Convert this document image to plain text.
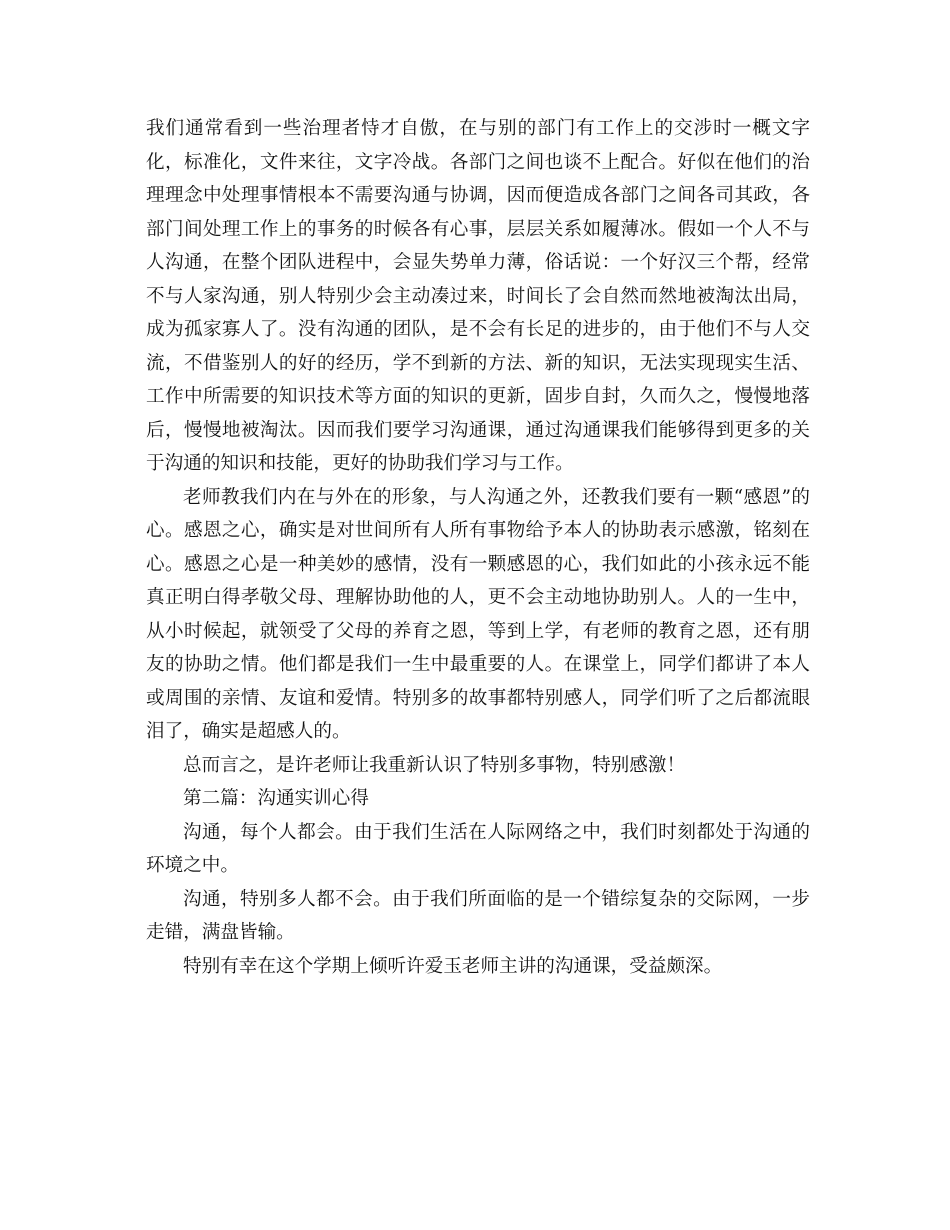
我们通常看到一些治理者恃才自傲，在与别的部门有工作上的交涉时一概文字化，标准化，文件来往，文字冷战。各部门之间也谈不上配合。好似在他们的治理理念中处理事情根本不需要沟通与协调，因而便造成各部门之间各司其政，各部门间处理工作上的事务的时候各有心事，层层关系如履薄冰。假如一个人不与人沟通，在整个团队进程中，会显失势单力薄，俗话说：一个好汉三个帮，经常不与人家沟通，别人特别少会主动凑过来，时间长了会自然而然地被淘汰出局，成为孤家寡人了。没有沟通的团队，是不会有长足的进步的，由于他们不与人交流，不借鉴别人的好的经历，学不到新的方法、新的知识，无法实现现实生活、工作中所需要的知识技术等方面的知识的更新，固步自封，久而久之，慢慢地落后，慢慢地被淘汰。因而我们要学习沟通课，通过沟通课我们能够得到更多的关于沟通的知识和技能，更好的协助我们学习与工作。

老师教我们内在与外在的形象，与人沟通之外，还教我们要有一颗“感恩”的心。感恩之心，确实是对世间所有人所有事物给予本人的协助表示感激，铭刻在心。感恩之心是一种美妙的感情，没有一颗感恩的心，我们如此的小孩永远不能真正明白得孝敬父母、理解协助他的人，更不会主动地协助别人。人的一生中，从小时候起，就领受了父母的养育之恩，等到上学，有老师的教育之恩，还有朋友的协助之情。他们都是我们一生中最重要的人。在课堂上，同学们都讲了本人或周围的亲情、友谊和爱情。特别多的故事都特别感人，同学们听了之后都流眼泪了，确实是超感人的。

总而言之，是许老师让我重新认识了特别多事物，特别感激！

第二篇：沟通实训心得

沟通，每个人都会。由于我们生活在人际网络之中，我们时刻都处于沟通的环境之中。

沟通，特别多人都不会。由于我们所面临的是一个错综复杂的交际网，一步走错，满盘皆输。

特别有幸在这个学期上倾听许爱玉老师主讲的沟通课，受益颇深。
